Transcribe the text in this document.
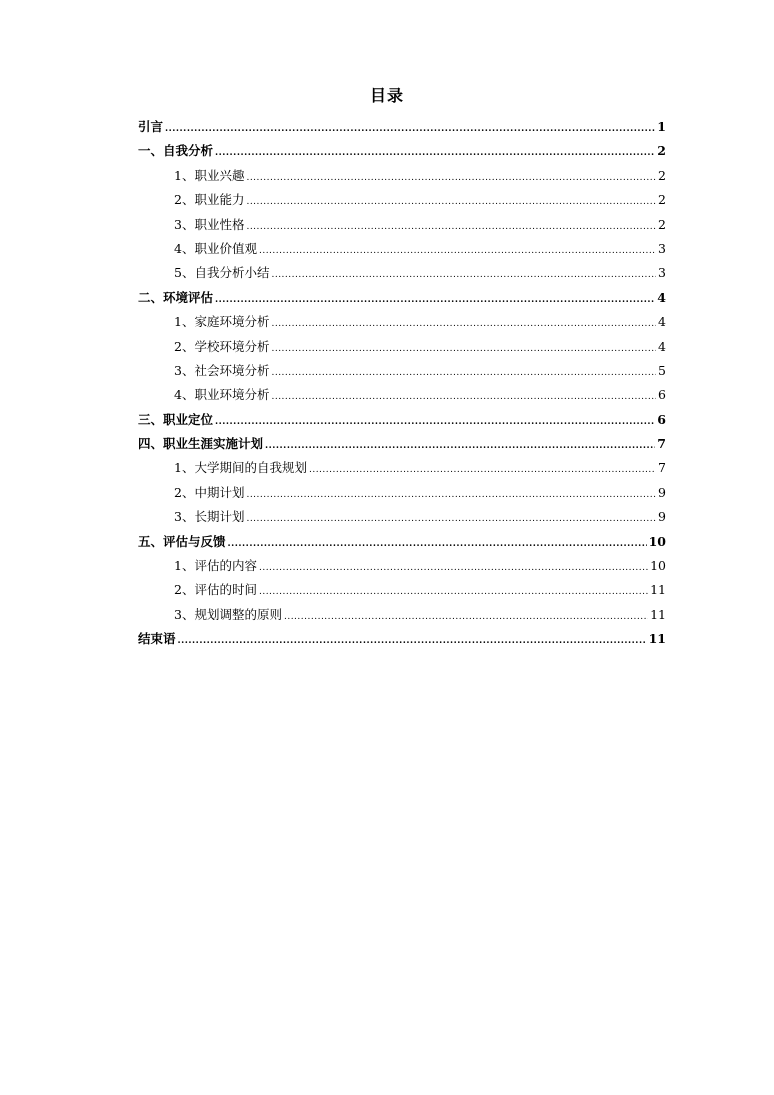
目录
引言 .....	1
一、自我分析 .....	2
1、职业兴趣 .....	2
2、职业能力 .....	2
3、职业性格 .....	2
4、职业价值观 .....	3
5、自我分析小结 .....	3
二、环境评估 .....	4
1、家庭环境分析 .....	4
2、学校环境分析 .....	4
3、社会环境分析 .....	5
4、职业环境分析 .....	6
三、职业定位 .....	6
四、职业生涯实施计划 .....	7
1、大学期间的自我规划 .....	7
2、中期计划 .....	9
3、长期计划 .....	9
五、评估与反馈 .....	10
1、评估的内容 .....	10
2、评估的时间 .....	11
3、规划调整的原则 .....	11
结束语 .....	11
